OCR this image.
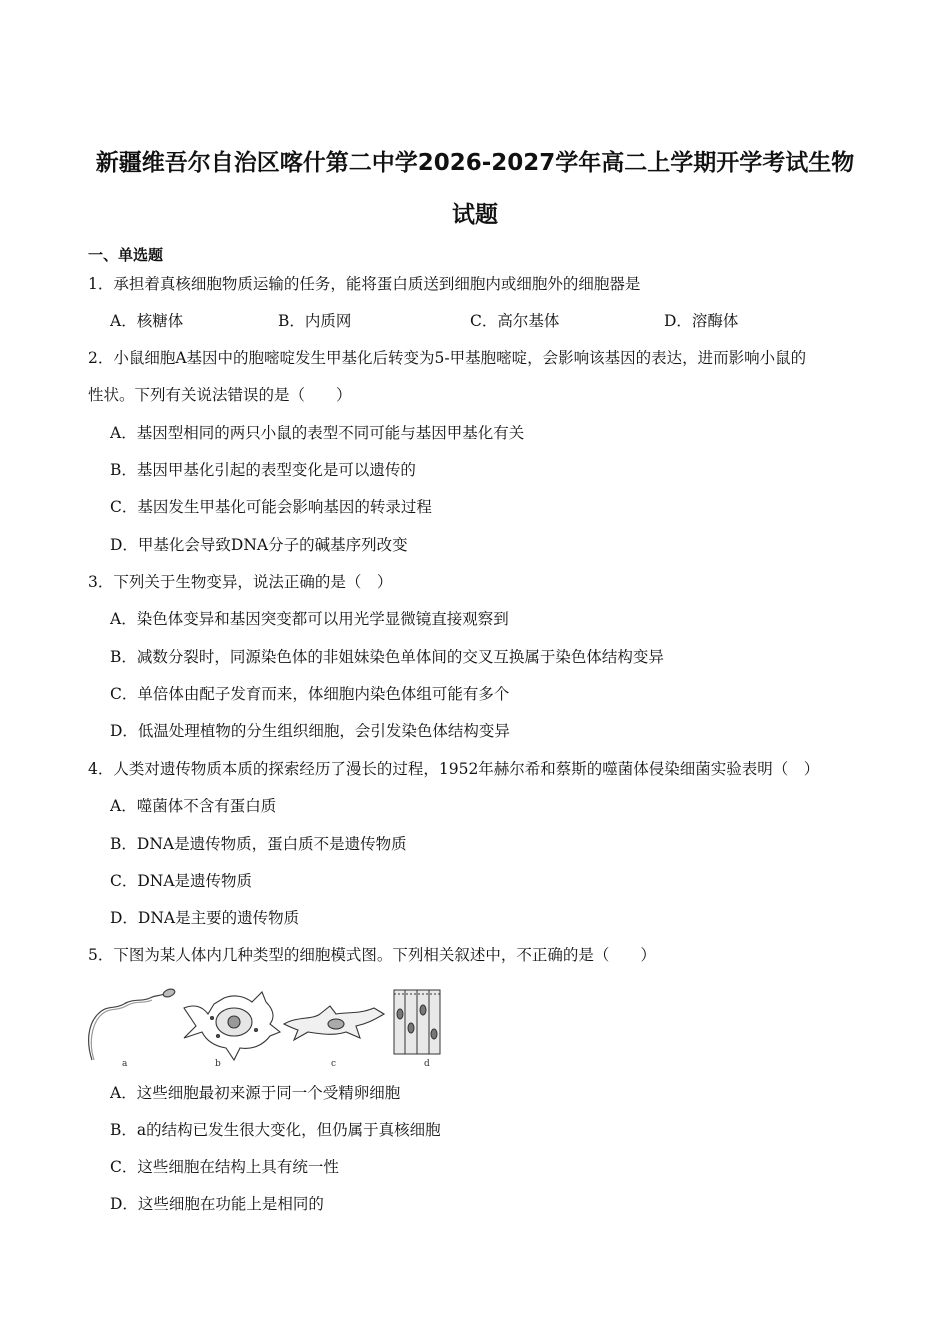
新疆维吾尔自治区喀什第二中学2026-2027学年高二上学期开学考试生物
试题
一、单选题
1．承担着真核细胞物质运输的任务，能将蛋白质送到细胞内或细胞外的细胞器是
A．核糖体	B．内质网	C．高尔基体	D．溶酶体
2．小鼠细胞A基因中的胞嘧啶发生甲基化后转变为5-甲基胞嘧啶，会影响该基因的表达，进而影响小鼠的
性状。下列有关说法错误的是（　　）
A．基因型相同的两只小鼠的表型不同可能与基因甲基化有关
B．基因甲基化引起的表型变化是可以遗传的
C．基因发生甲基化可能会影响基因的转录过程
D．甲基化会导致DNA分子的碱基序列改变
3．下列关于生物变异，说法正确的是（　）
A．染色体变异和基因突变都可以用光学显微镜直接观察到
B．减数分裂时，同源染色体的非姐妹染色单体间的交叉互换属于染色体结构变异
C．单倍体由配子发育而来，体细胞内染色体组可能有多个
D．低温处理植物的分生组织细胞，会引发染色体结构变异
4．人类对遗传物质本质的探索经历了漫长的过程，1952年赫尔希和蔡斯的噬菌体侵染细菌实验表明（　）
A．噬菌体不含有蛋白质
B．DNA是遗传物质，蛋白质不是遗传物质
C．DNA是遗传物质
D．DNA是主要的遗传物质
5．下图为某人体内几种类型的细胞模式图。下列相关叙述中，不正确的是（　　）
a	b	c	d
A．这些细胞最初来源于同一个受精卵细胞
B．a的结构已发生很大变化，但仍属于真核细胞
C．这些细胞在结构上具有统一性
D．这些细胞在功能上是相同的
